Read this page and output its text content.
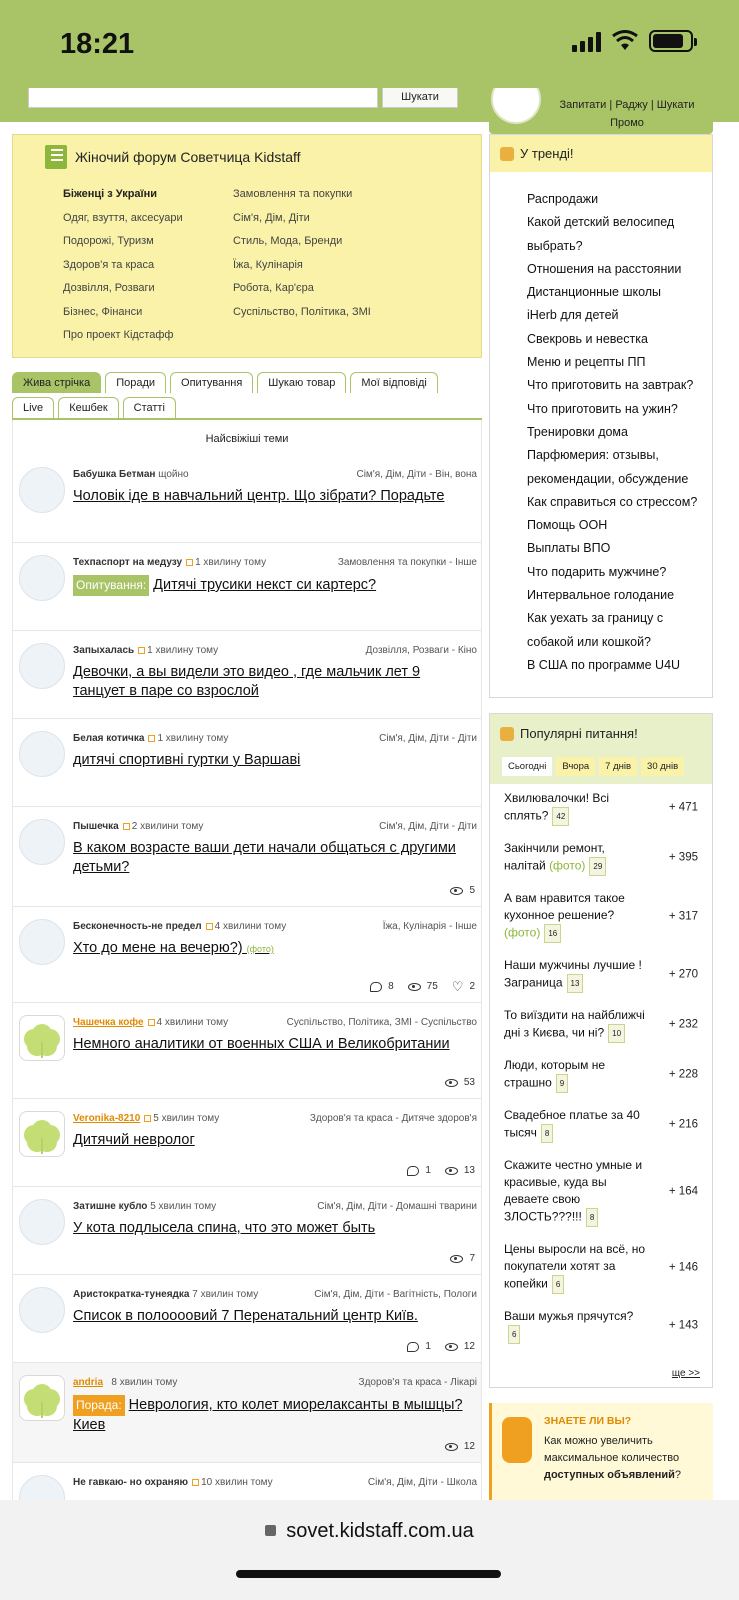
18:21
Шукати
Жіночий форум Советчица Kidstaff
Біженці з України	Замовлення та покупки
Одяг, взуття, аксесуари	Сім'я, Дім, Діти
Подорожі, Туризм	Стиль, Мода, Бренди
Здоров'я та краса	Їжа, Кулінарія
Дозвілля, Розваги	Робота, Кар'єра
Бізнес, Фінанси	Суспільство, Політика, ЗМІ
Про проект Кідстафф
Жива стрічка	Поради	Опитування	Шукаю товар	Мої відповіді
Live	Кешбек	Статті
Найсвіжіші теми
Бабушка Бетман щойно	Сім'я, Дім, Діти - Він, вона
Чоловік іде в навчальний центр. Що зібрати? Порадьте
Техпаспорт на медузу 1 хвилину тому	Замовлення та покупки - Інше
Опитування: Дитячі трусики некст си картерс?
Запыхалась 1 хвилину тому	Дозвілля, Розваги - Кіно
Девочки, а вы видели это видео , где мальчик лет 9 танцует в паре со взрослой
Белая котичка 1 хвилину тому	Сім'я, Дім, Діти - Діти
дитячі спортивні гуртки у Варшаві
Пышечка 2 хвилини тому	Сім'я, Дім, Діти - Діти
В каком возрасте ваши дети начали общаться с другими детьми?
5
Бесконечность-не предел 4 хвилини тому	Їжа, Кулінарія - Інше
Хто до мене на вечерю?) (фото)
8	75 ♡ 2
Чашечка кофе 4 хвилини тому	Суспільство, Політика, ЗМІ - Суспільство
Немного аналитики от военных США и Великобритании
53
Veronika-8210 5 хвилин тому	Здоров'я та краса - Дитяче здоров'я
Дитячий невролог
1	13
Затишне кубло 5 хвилин тому	Сім'я, Дім, Діти - Домашні тварини
У кота подлысела спина, что это может быть
7
Аристократка-тунеядка 7 хвилин тому	Сім'я, Дім, Діти - Вагітність, Пологи
Список в полоооовий 7 Перенатальний центр Київ.
1	12
andria 8 хвилин тому	Здоров'я та краса - Лікарі
Порада: Неврология, кто колет миорелаксанты в мышцы?Киев
12
Не гавкаю- но охраняю 10 хвилин тому	Сім'я, Дім, Діти - Школа
Запитати | Раджу | Шукати
Промо
У тренді!
Распродажи
Какой детский велосипед выбрать?
Отношения на расстоянии
Дистанционные школы
iHerb для детей
Свекровь и невестка
Меню и рецепты ПП
Что приготовить на завтрак?
Что приготовить на ужин?
Тренировки дома
Парфюмерия: отзывы, рекомендации, обсуждение
Как справиться со стрессом?
Помощь ООН
Выплаты ВПО
Что подарить мужчине?
Интервальное голодание
Как уехать за границу с собакой или кошкой?
В США по программе U4U
Популярні питання!
Сьогодні	Вчора	7 днів	30 днів
Хвилювалочки! Всі сплять? 42
+ 471
Закінчили ремонт, налітай (фото) 29
+ 395
А вам нравится такое кухонное решение? (фото) 16
+ 317
Наши мужчины лучшие ! Заграница 13
+ 270
То виїздити на найближчі дні з Києва, чи ні? 10
+ 232
Люди, которым не страшно 9
+ 228
Свадебное платье за 40 тысяч 8
+ 216
Скажите честно умные и красивые, куда вы деваете свою ЗЛОСТЬ???!!! 8
+ 164
Цены выросли на всё, но покупатели хотят за копейки 6
+ 146
Ваши мужья прячутся?6
+ 143
ще >>
ЗНАЕТЕ ЛИ ВЫ?
Как можно увеличить максимальное количество доступных объявлений?
sovet.kidstaff.com.ua
